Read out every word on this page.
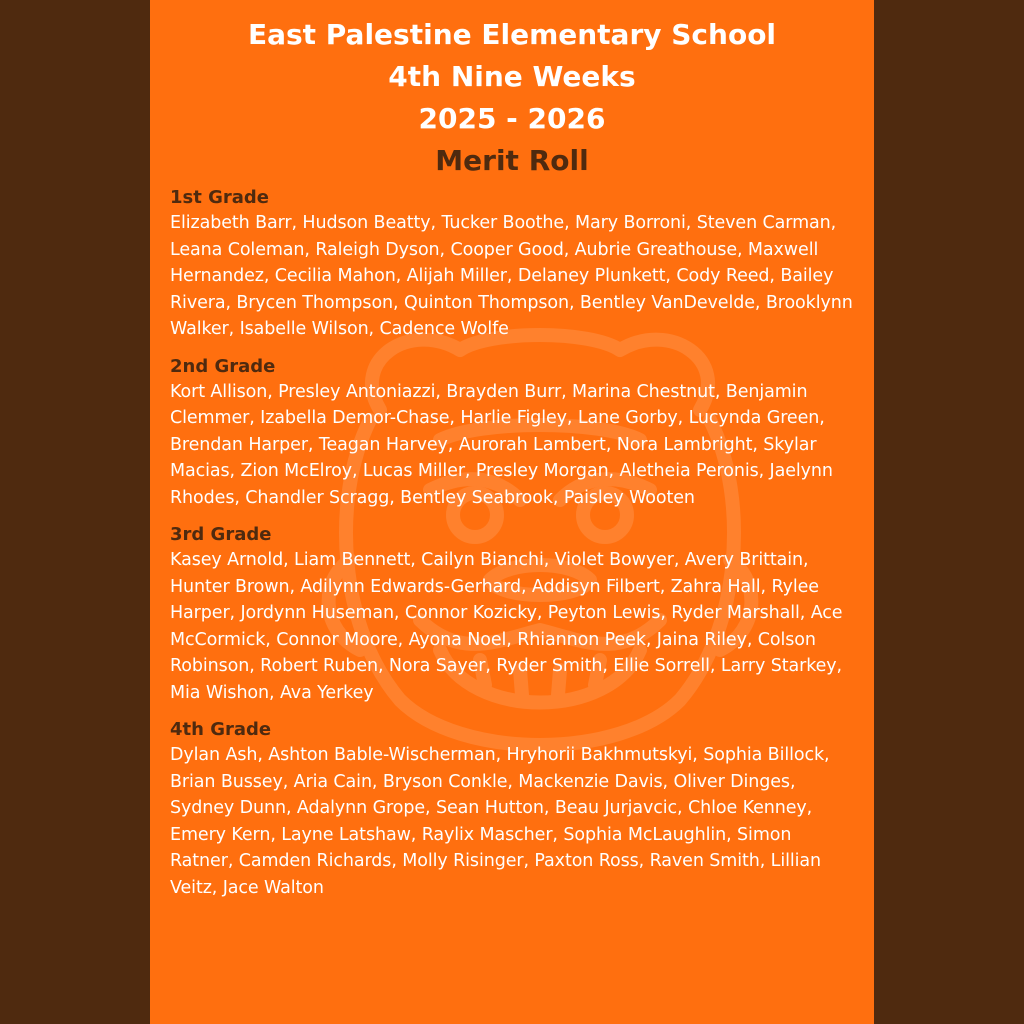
East Palestine Elementary School
4th Nine Weeks
2025 - 2026
Merit Roll
1st Grade
Elizabeth Barr, Hudson Beatty, Tucker Boothe, Mary Borroni, Steven Carman, Leana Coleman, Raleigh Dyson, Cooper Good, Aubrie Greathouse, Maxwell Hernandez, Cecilia Mahon, Alijah Miller, Delaney Plunkett, Cody Reed, Bailey Rivera, Brycen Thompson, Quinton Thompson, Bentley VanDevelde, Brooklynn Walker, Isabelle Wilson, Cadence Wolfe
2nd Grade
Kort Allison, Presley Antoniazzi, Brayden Burr, Marina Chestnut, Benjamin Clemmer, Izabella Demor-Chase, Harlie Figley, Lane Gorby, Lucynda Green, Brendan Harper, Teagan Harvey, Aurorah Lambert, Nora Lambright, Skylar Macias, Zion McElroy, Lucas Miller, Presley Morgan, Aletheia Peronis, Jaelynn Rhodes, Chandler Scragg, Bentley Seabrook, Paisley Wooten
3rd Grade
Kasey Arnold, Liam Bennett, Cailyn Bianchi, Violet Bowyer, Avery Brittain, Hunter Brown, Adilynn Edwards-Gerhard, Addisyn Filbert, Zahra Hall, Rylee Harper, Jordynn Huseman, Connor Kozicky, Peyton Lewis, Ryder Marshall, Ace McCormick, Connor Moore, Ayona Noel, Rhiannon Peek, Jaina Riley, Colson Robinson, Robert Ruben, Nora Sayer, Ryder Smith, Ellie Sorrell, Larry Starkey, Mia Wishon, Ava Yerkey
4th Grade
Dylan Ash, Ashton Bable-Wischerman, Hryhorii Bakhmutskyi, Sophia Billock, Brian Bussey, Aria Cain, Bryson Conkle, Mackenzie Davis, Oliver Dinges, Sydney Dunn, Adalynn Grope, Sean Hutton, Beau Jurjavcic, Chloe Kenney, Emery Kern, Layne Latshaw, Raylix Mascher, Sophia McLaughlin, Simon Ratner, Camden Richards, Molly Risinger, Paxton Ross, Raven Smith, Lillian Veitz, Jace Walton
